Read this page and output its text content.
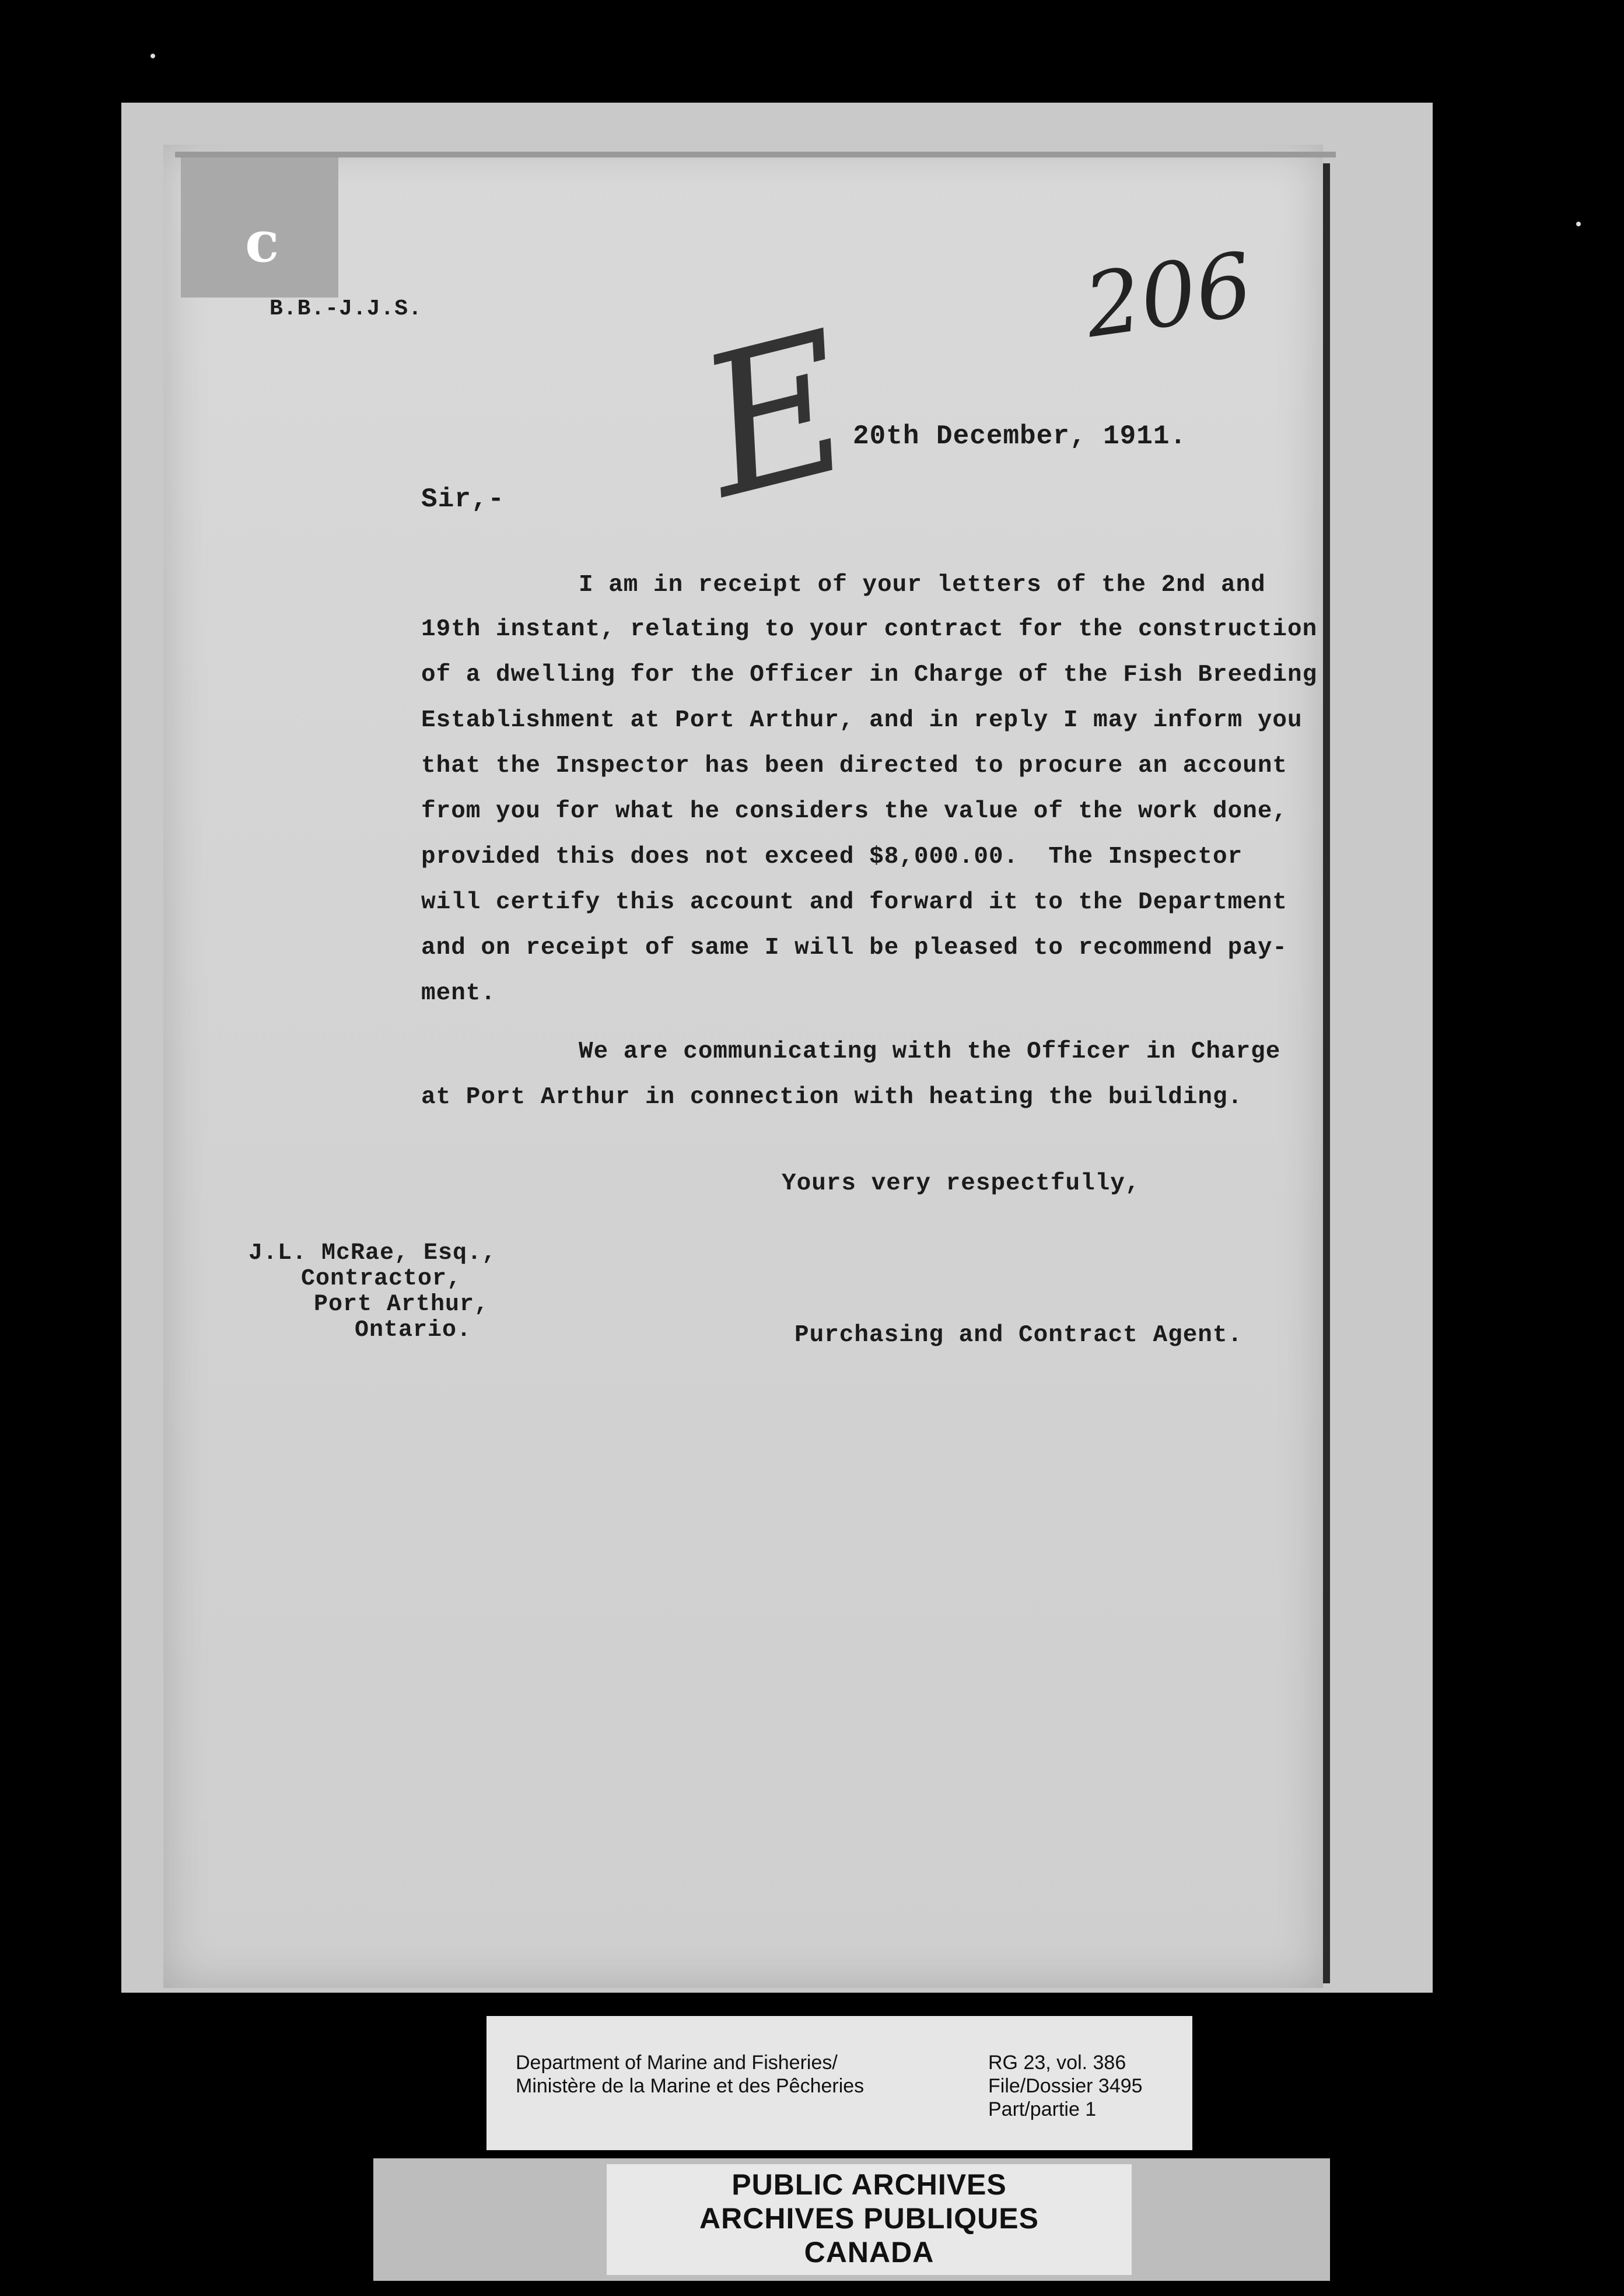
c
B.B.-J.J.S.	206
E
20th December, 1911.
Sir,-
I am in receipt of your letters of the 2nd and
19th instant, relating to your contract for the construction
of a dwelling for the Officer in Charge of the Fish Breeding
Establishment at Port Arthur, and in reply I may inform you
that the Inspector has been directed to procure an account
from you for what he considers the value of the work done,
provided this does not exceed $8,000.00.  The Inspector
will certify this account and forward it to the Department
and on receipt of same I will be pleased to recommend pay-
ment.
We are communicating with the Officer in Charge
at Port Arthur in connection with heating the building.
Yours very respectfully,
J.L. McRae, Esq.,
Contractor,
Port Arthur,
Ontario.	Purchasing and Contract Agent.
Department of Marine and Fisheries/
Ministère de la Marine et des Pêcheries
RG 23, vol. 386
File/Dossier 3495
Part/partie 1
PUBLIC ARCHIVES
ARCHIVES PUBLIQUES
CANADA
